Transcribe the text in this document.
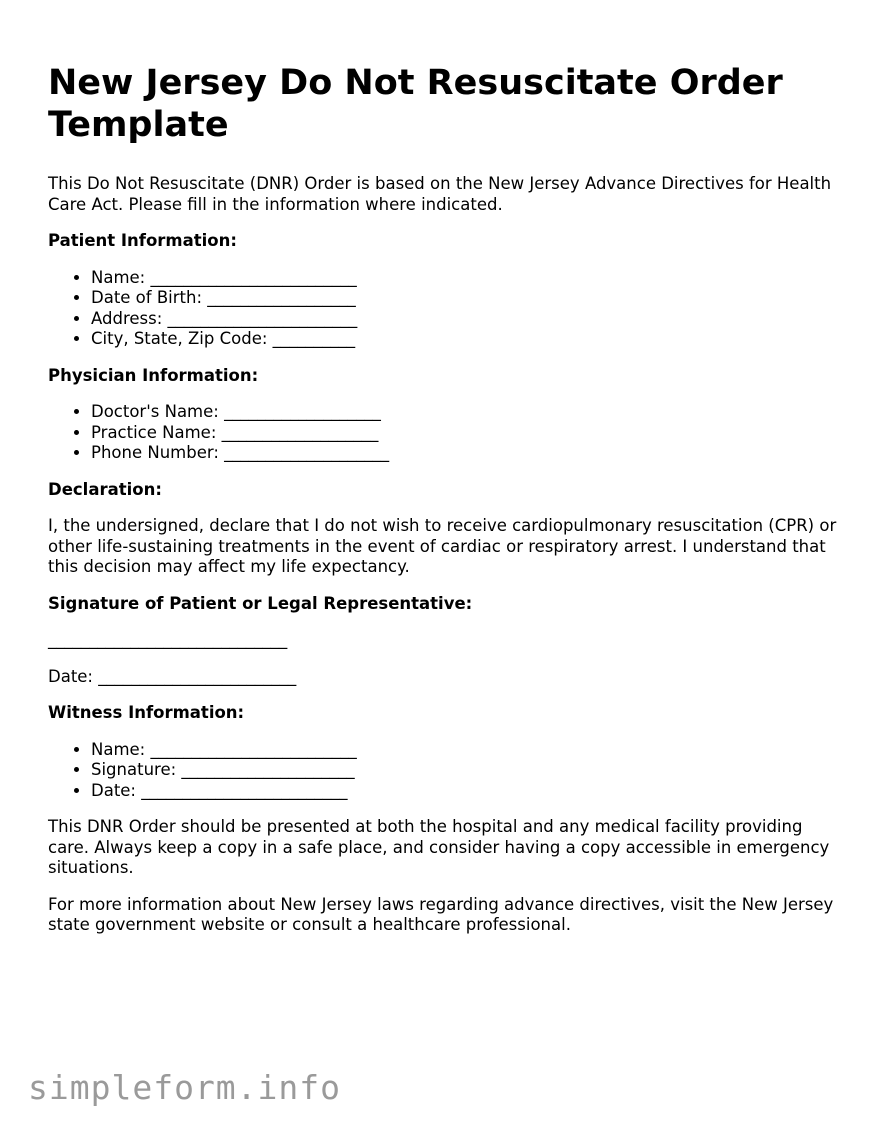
New Jersey Do Not Resuscitate Order Template

This Do Not Resuscitate (DNR) Order is based on the New Jersey Advance Directives for Health Care Act. Please fill in the information where indicated.

Patient Information:
• Name: _________________________
• Date of Birth: __________________
• Address: _______________________
• City, State, Zip Code: __________
Physician Information:
• Doctor's Name: ___________________
• Practice Name: ___________________
• Phone Number: ____________________
Declaration:

I, the undersigned, declare that I do not wish to receive cardiopulmonary resuscitation (CPR) or other life-sustaining treatments in the event of cardiac or respiratory arrest. I understand that this decision may affect my life expectancy.

Signature of Patient or Legal Representative:

_____________________________

Date: ________________________

Witness Information:
• Name: _________________________
• Signature: _____________________
• Date: _________________________

This DNR Order should be presented at both the hospital and any medical facility providing care. Always keep a copy in a safe place, and consider having a copy accessible in emergency situations.

For more information about New Jersey laws regarding advance directives, visit the New Jersey state government website or consult a healthcare professional.

simpleform.info
